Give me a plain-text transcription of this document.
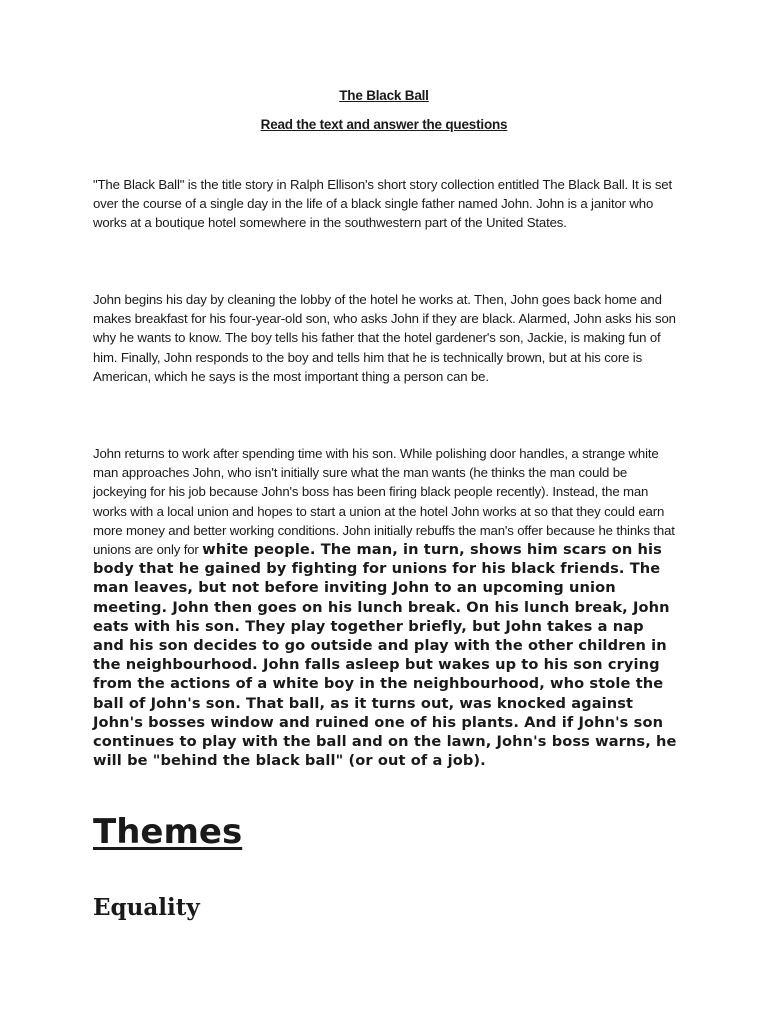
The Black Ball

Read the text and answer the questions

"The Black Ball" is the title story in Ralph Ellison's short story collection entitled The Black Ball. It is set over the course of a single day in the life of a black single father named John. John is a janitor who works at a boutique hotel somewhere in the southwestern part of the United States.

John begins his day by cleaning the lobby of the hotel he works at. Then, John goes back home and makes breakfast for his four-year-old son, who asks John if they are black. Alarmed, John asks his son why he wants to know. The boy tells his father that the hotel gardener's son, Jackie, is making fun of him. Finally, John responds to the boy and tells him that he is technically brown, but at his core is American, which he says is the most important thing a person can be.

John returns to work after spending time with his son. While polishing door handles, a strange white man approaches John, who isn't initially sure what the man wants (he thinks the man could be jockeying for his job because John's boss has been firing black people recently). Instead, the man works with a local union and hopes to start a union at the hotel John works at so that they could earn more money and better working conditions. John initially rebuffs the man's offer because he thinks that unions are only for white people. The man, in turn, shows him scars on his body that he gained by fighting for unions for his black friends. The man leaves, but not before inviting John to an upcoming union meeting. John then goes on his lunch break. On his lunch break, John eats with his son. They play together briefly, but John takes a nap and his son decides to go outside and play with the other children in the neighbourhood. John falls asleep but wakes up to his son crying from the actions of a white boy in the neighbourhood, who stole the ball of John's son. That ball, as it turns out, was knocked against John's bosses window and ruined one of his plants. And if John's son continues to play with the ball and on the lawn, John's boss warns, he will be "behind the black ball" (or out of a job).

Themes
Equality
